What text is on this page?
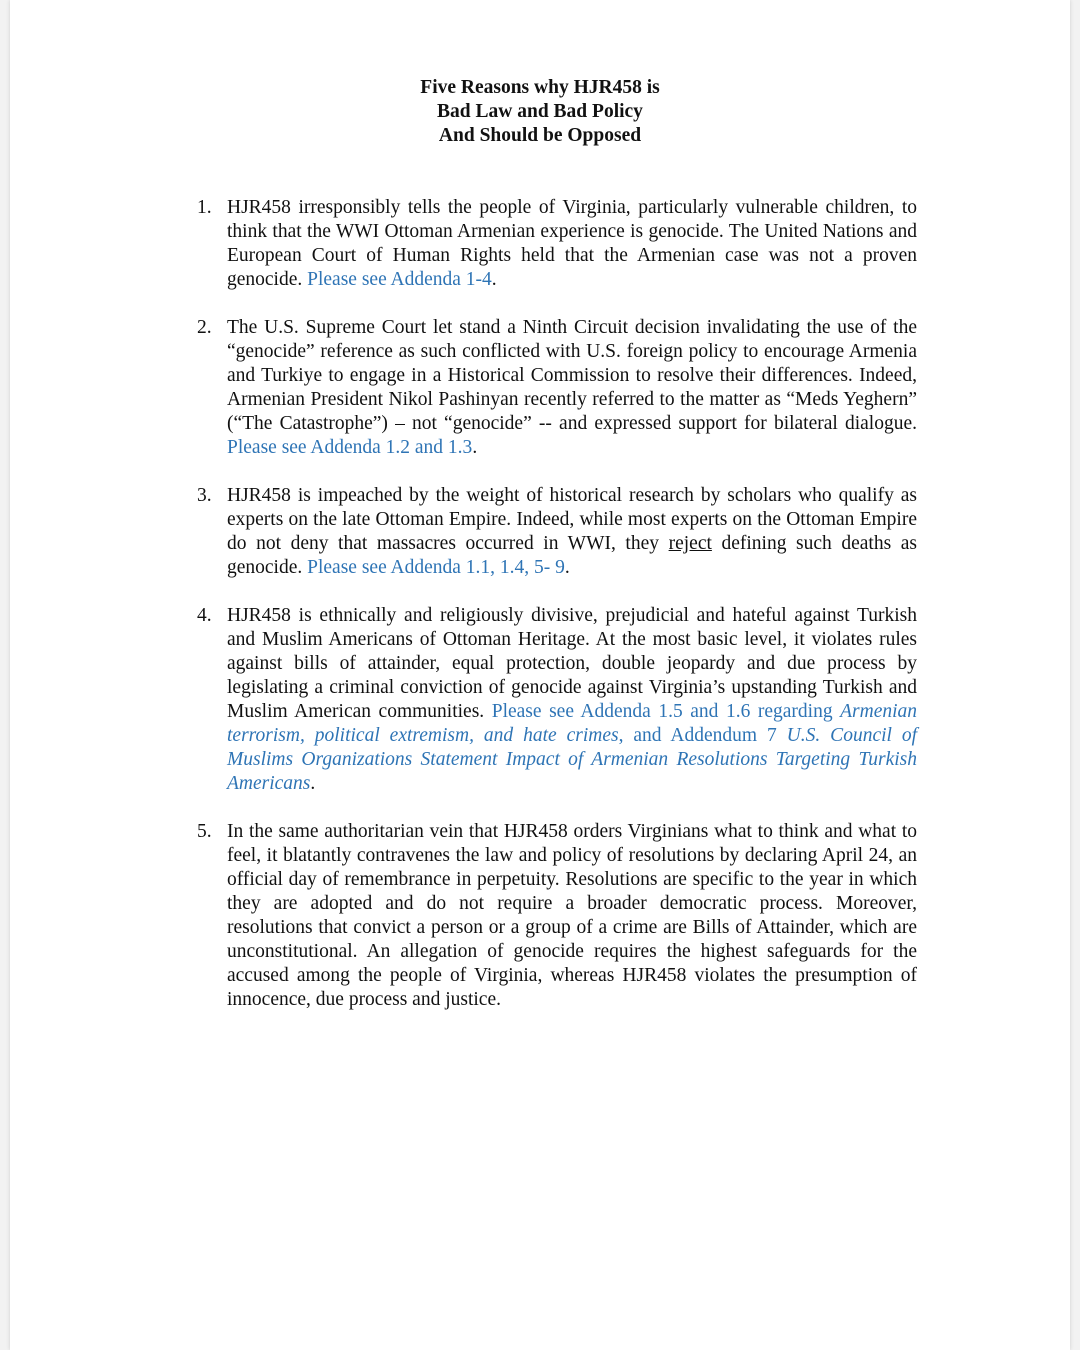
Five Reasons why HJR458 is
Bad Law and Bad Policy
And Should be Opposed
1. HJR458 irresponsibly tells the people of Virginia, particularly vulnerable children, to think that the WWI Ottoman Armenian experience is genocide. The United Nations and European Court of Human Rights held that the Armenian case was not a proven genocide. Please see Addenda 1-4.
2. The U.S. Supreme Court let stand a Ninth Circuit decision invalidating the use of the “genocide” reference as such conflicted with U.S. foreign policy to encourage Armenia and Turkiye to engage in a Historical Commission to resolve their differences. Indeed, Armenian President Nikol Pashinyan recently referred to the matter as “Meds Yeghern” (“The Catastrophe”) – not “genocide” -- and expressed support for bilateral dialogue. Please see Addenda 1.2 and 1.3.
3. HJR458 is impeached by the weight of historical research by scholars who qualify as experts on the late Ottoman Empire. Indeed, while most experts on the Ottoman Empire do not deny that massacres occurred in WWI, they reject defining such deaths as genocide. Please see Addenda 1.1, 1.4, 5- 9.
4. HJR458 is ethnically and religiously divisive, prejudicial and hateful against Turkish and Muslim Americans of Ottoman Heritage. At the most basic level, it violates rules against bills of attainder, equal protection, double jeopardy and due process by legislating a criminal conviction of genocide against Virginia’s upstanding Turkish and Muslim American communities. Please see Addenda 1.5 and 1.6 regarding Armenian terrorism, political extremism, and hate crimes, and Addendum 7 U.S. Council of Muslims Organizations Statement Impact of Armenian Resolutions Targeting Turkish Americans.
5. In the same authoritarian vein that HJR458 orders Virginians what to think and what to feel, it blatantly contravenes the law and policy of resolutions by declaring April 24, an official day of remembrance in perpetuity. Resolutions are specific to the year in which they are adopted and do not require a broader democratic process. Moreover, resolutions that convict a person or a group of a crime are Bills of Attainder, which are unconstitutional. An allegation of genocide requires the highest safeguards for the accused among the people of Virginia, whereas HJR458 violates the presumption of innocence, due process and justice.
